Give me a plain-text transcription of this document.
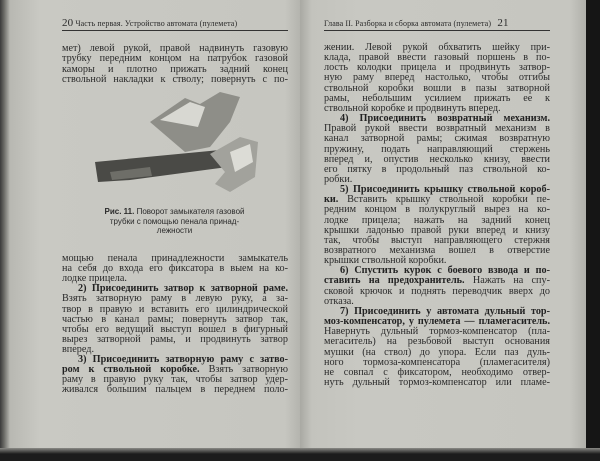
20 Часть первая. Устройство автомата (пулемета)
мет) левой рукой, правой надвинуть газовую
трубку передним концом на патрубок газовой
каморы и плотно прижать задний конец
ствольной накладки к стволу; повернуть с по-
Рис. 11. Поворот замыкателя газовой
трубки с помощью пенала принад-
лежности
мощью пенала принадлежности замыкатель
на себя до входа его фиксатора в выем на ко-
лодке прицела.
2) Присоединить затвор к затворной раме.
Взять затворную раму в левую руку, а за-
твор в правую и вставить его цилиндрической
частью в канал рамы; повернуть затвор так,
чтобы его ведущий выступ вошел в фигурный
вырез затворной рамы, и продвинуть затвор
вперед.
3) Присоединить затворную раму с затво-
ром к ствольной коробке. Взять затворную
раму в правую руку так, чтобы затвор удер-
живался большим пальцем в переднем поло-
Глава II. Разборка и сборка автомата (пулемета) 21
жении. Левой рукой обхватить шейку при-
клада, правой ввести газовый поршень в по-
лость колодки прицела и продвинуть затвор-
ную раму вперед настолько, чтобы отгибы
ствольной коробки вошли в пазы затворной
рамы, небольшим усилием прижать ее к
ствольной коробке и продвинуть вперед.
4) Присоединить возвратный механизм.
Правой рукой ввести возвратный механизм в
канал затворной рамы; сжимая возвратную
пружину, подать направляющий стержень
вперед и, опустив несколько книзу, ввести
его пятку в продольный паз ствольной ко-
робки.
5) Присоединить крышку ствольной короб-
ки. Вставить крышку ствольной коробки пе-
редним концом в полукруглый вырез на ко-
лодке прицела; нажать на задний конец
крышки ладонью правой руки вперед и книзу
так, чтобы выступ направляющего стержня
возвратного механизма вошел в отверстие
крышки ствольной коробки.
6) Спустить курок с боевого взвода и по-
ставить на предохранитель. Нажать на спу-
сковой крючок и поднять переводчик вверх до
отказа.
7) Присоединить у автомата дульный тор-
моз-компенсатор, у пулемета — пламегаситель.
Навернуть дульный тормоз-компенсатор (пла-
мегаситель) на резьбовой выступ основания
мушки (на ствол) до упора. Если паз дуль-
ного тормоза-компенсатора (пламегасителя)
не совпал с фиксатором, необходимо отвер-
нуть дульный тормоз-компенсатор или пламе-
